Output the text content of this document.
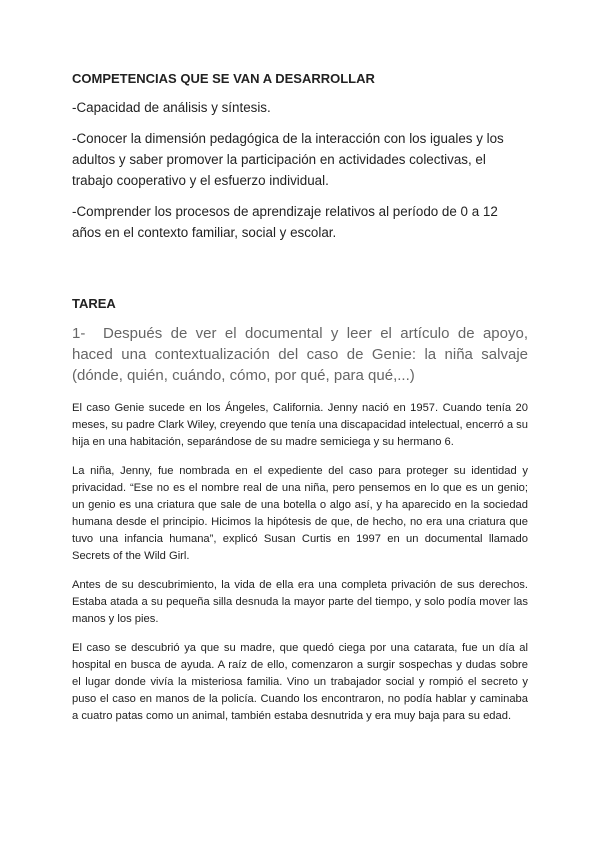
COMPETENCIAS QUE SE VAN A DESARROLLAR

-Capacidad de análisis y síntesis.

-Conocer la dimensión pedagógica de la interacción con los iguales y los adultos y saber promover la participación en actividades colectivas, el trabajo cooperativo y el esfuerzo individual.

-Comprender los procesos de aprendizaje relativos al período de 0 a 12 años en el contexto familiar, social y escolar.

TAREA

1- Después de ver el documental y leer el artículo de apoyo, haced una contextualización del caso de Genie: la niña salvaje (dónde, quién, cuándo, cómo, por qué, para qué,...)

El caso Genie sucede en los Ángeles, California. Jenny nació en 1957. Cuando tenía 20 meses, su padre Clark Wiley, creyendo que tenía una discapacidad intelectual, encerró a su hija en una habitación, separándose de su madre semiciega y su hermano 6.

La niña, Jenny, fue nombrada en el expediente del caso para proteger su identidad y privacidad. “Ese no es el nombre real de una niña, pero pensemos en lo que es un genio; un genio es una criatura que sale de una botella o algo así, y ha aparecido en la sociedad humana desde el principio. Hicimos la hipótesis de que, de hecho, no era una criatura que tuvo una infancia humana”, explicó Susan Curtis en 1997 en un documental llamado Secrets of the Wild Girl.

Antes de su descubrimiento, la vida de ella era una completa privación de sus derechos. Estaba atada a su pequeña silla desnuda la mayor parte del tiempo, y solo podía mover las manos y los pies.

El caso se descubrió ya que su madre, que quedó ciega por una catarata, fue un día al hospital en busca de ayuda. A raíz de ello, comenzaron a surgir sospechas y dudas sobre el lugar donde vivía la misteriosa familia. Vino un trabajador social y rompió el secreto y puso el caso en manos de la policía. Cuando los encontraron, no podía hablar y caminaba a cuatro patas como un animal, también estaba desnutrida y era muy baja para su edad.
